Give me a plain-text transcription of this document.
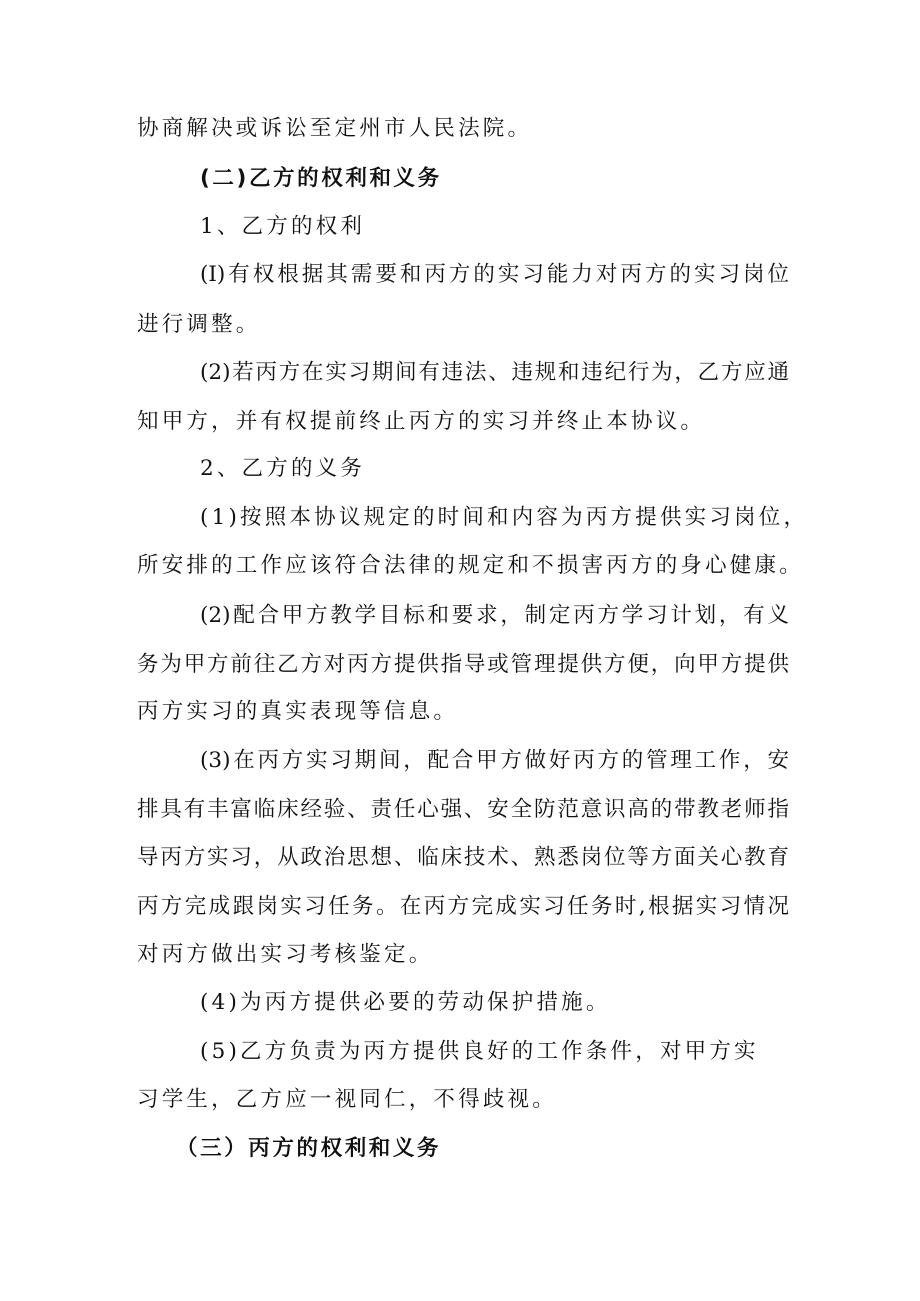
协商解决或诉讼至定州市人民法院。
(二)乙方的权利和义务
1、乙方的权利
(I)有权根据其需要和丙方的实习能力对丙方的实习岗位
进行调整。
(2)若丙方在实习期间有违法、违规和违纪行为，乙方应通
知甲方，并有权提前终止丙方的实习并终止本协议。
2、乙方的义务
(1)按照本协议规定的时间和内容为丙方提供实习岗位，
所安排的工作应该符合法律的规定和不损害丙方的身心健康。
(2)配合甲方教学目标和要求，制定丙方学习计划，有义
务为甲方前往乙方对丙方提供指导或管理提供方便，向甲方提供
丙方实习的真实表现等信息。
(3)在丙方实习期间，配合甲方做好丙方的管理工作，安
排具有丰富临床经验、责任心强、安全防范意识高的带教老师指
导丙方实习，从政治思想、临床技术、熟悉岗位等方面关心教育
丙方完成跟岗实习任务。在丙方完成实习任务时,根据实习情况
对丙方做出实习考核鉴定。
(4)为丙方提供必要的劳动保护措施。
(5)乙方负责为丙方提供良好的工作条件，对甲方实
习学生，乙方应一视同仁，不得歧视。
（三）丙方的权利和义务
